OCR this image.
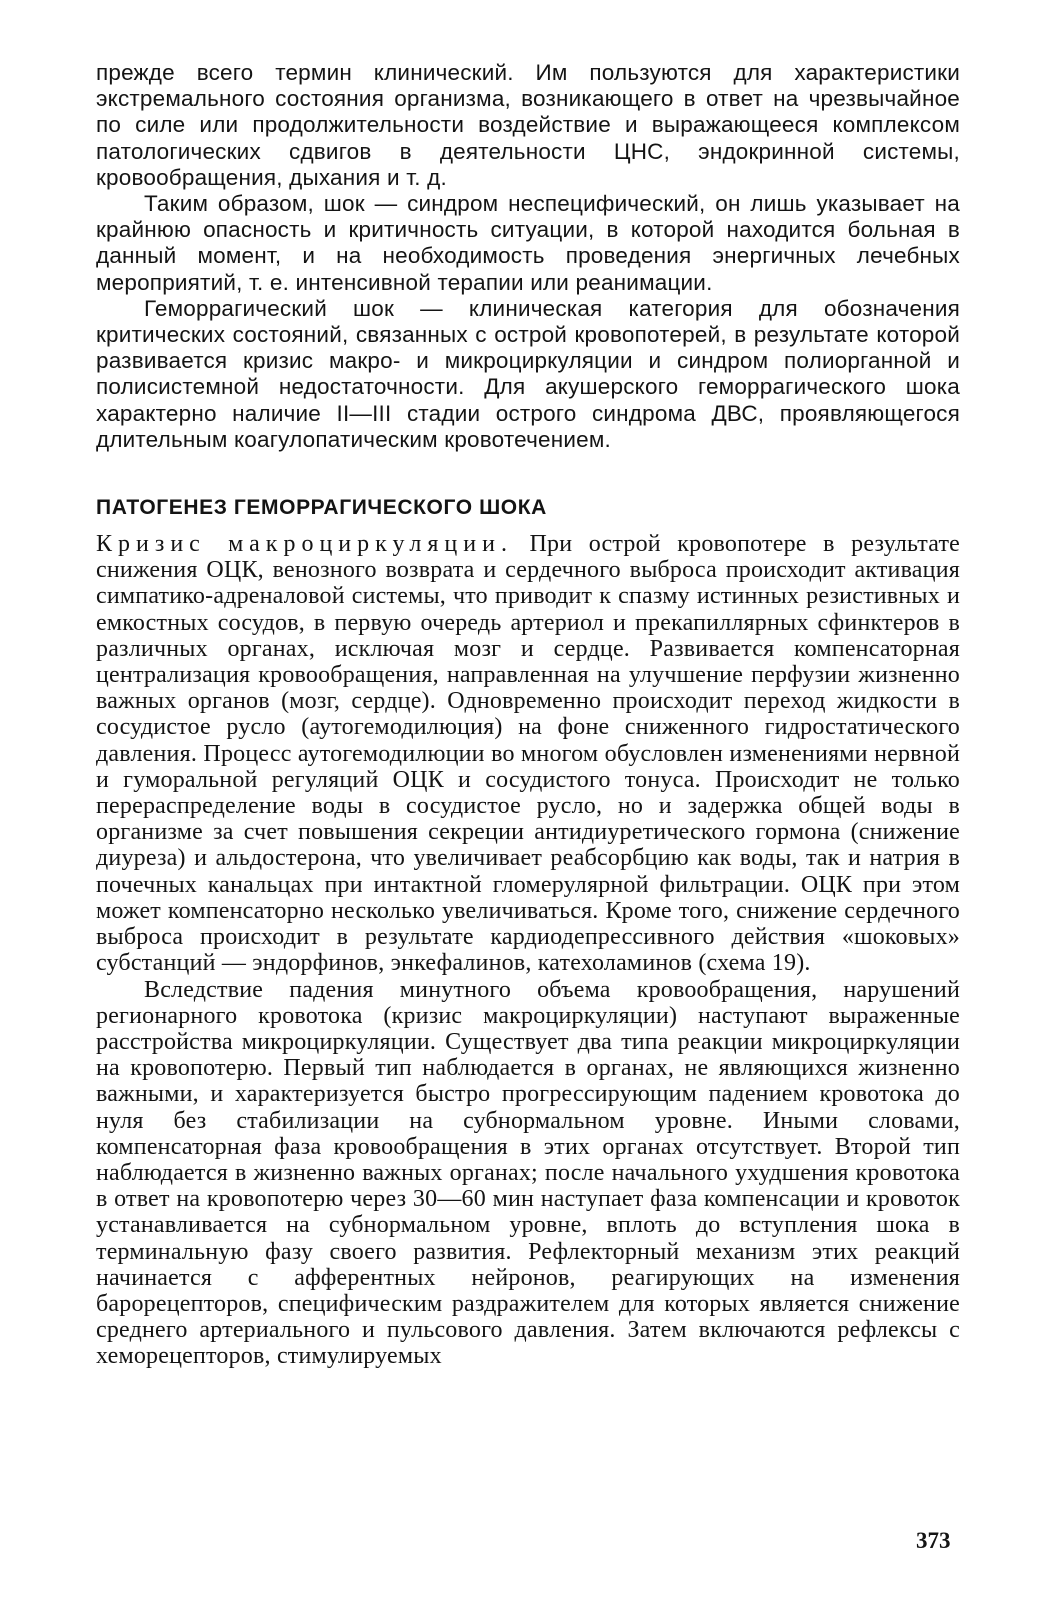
прежде всего термин клинический. Им пользуются для характеристики экстремального состояния организма, возникающего в ответ на чрезвычайное по силе или продолжительности воздействие и выражающееся комплексом патологических сдвигов в деятельности ЦНС, эндокринной системы, кровообращения, дыхания и т. д.

Таким образом, шок — синдром неспецифический, он лишь указывает на крайнюю опасность и критичность ситуации, в которой находится больная в данный момент, и на необходимость проведения энергичных лечебных мероприятий, т. е. интенсивной терапии или реанимации.

Геморрагический шок — клиническая категория для обозначения критических состояний, связанных с острой кровопотерей, в результате которой развивается кризис макро- и микроциркуляции и синдром полиорганной и полисистемной недостаточности. Для акушерского геморрагического шока характерно наличие II—III стадии острого синдрома ДВС, проявляющегося длительным коагулопатическим кровотечением.

ПАТОГЕНЕЗ ГЕМОРРАГИЧЕСКОГО ШОКА

Кризис макроциркуляции. При острой кровопотере в результате снижения ОЦК, венозного возврата и сердечного выброса происходит активация симпатико-адреналовой системы, что приводит к спазму истинных резистивных и емкостных сосудов, в первую очередь артериол и прекапиллярных сфинктеров в различных органах, исключая мозг и сердце. Развивается компенсаторная централизация кровообращения, направленная на улучшение перфузии жизненно важных органов (мозг, сердце). Одновременно происходит переход жидкости в сосудистое русло (аутогемодилюция) на фоне сниженного гидростатического давления. Процесс аутогемодилюции во многом обусловлен изменениями нервной и гуморальной регуляций ОЦК и сосудистого тонуса. Происходит не только перераспределение воды в сосудистое русло, но и задержка общей воды в организме за счет повышения секреции антидиуретического гормона (снижение диуреза) и альдостерона, что увеличивает реабсорбцию как воды, так и натрия в почечных канальцах при интактной гломерулярной фильтрации. ОЦК при этом может компенсаторно несколько увеличиваться. Кроме того, снижение сердечного выброса происходит в результате кардиодепрессивного действия «шоковых» субстанций — эндорфинов, энкефалинов, катехоламинов (схема 19).

Вследствие падения минутного объема кровообращения, нарушений регионарного кровотока (кризис макроциркуляции) наступают выраженные расстройства микроциркуляции. Существует два типа реакции микроциркуляции на кровопотерю. Первый тип наблюдается в органах, не являющихся жизненно важными, и характеризуется быстро прогрессирующим падением кровотока до нуля без стабилизации на субнормальном уровне. Иными словами, компенсаторная фаза кровообращения в этих органах отсутствует. Второй тип наблюдается в жизненно важных органах; после начального ухудшения кровотока в ответ на кровопотерю через 30—60 мин наступает фаза компенсации и кровоток устанавливается на субнормальном уровне, вплоть до вступления шока в терминальную фазу своего развития. Рефлекторный механизм этих реакций начинается с афферентных нейронов, реагирующих на изменения барорецепторов, специфическим раздражителем для которых является снижение среднего артериального и пульсового давления. Затем включаются рефлексы с хеморецепторов, стимулируемых

373
